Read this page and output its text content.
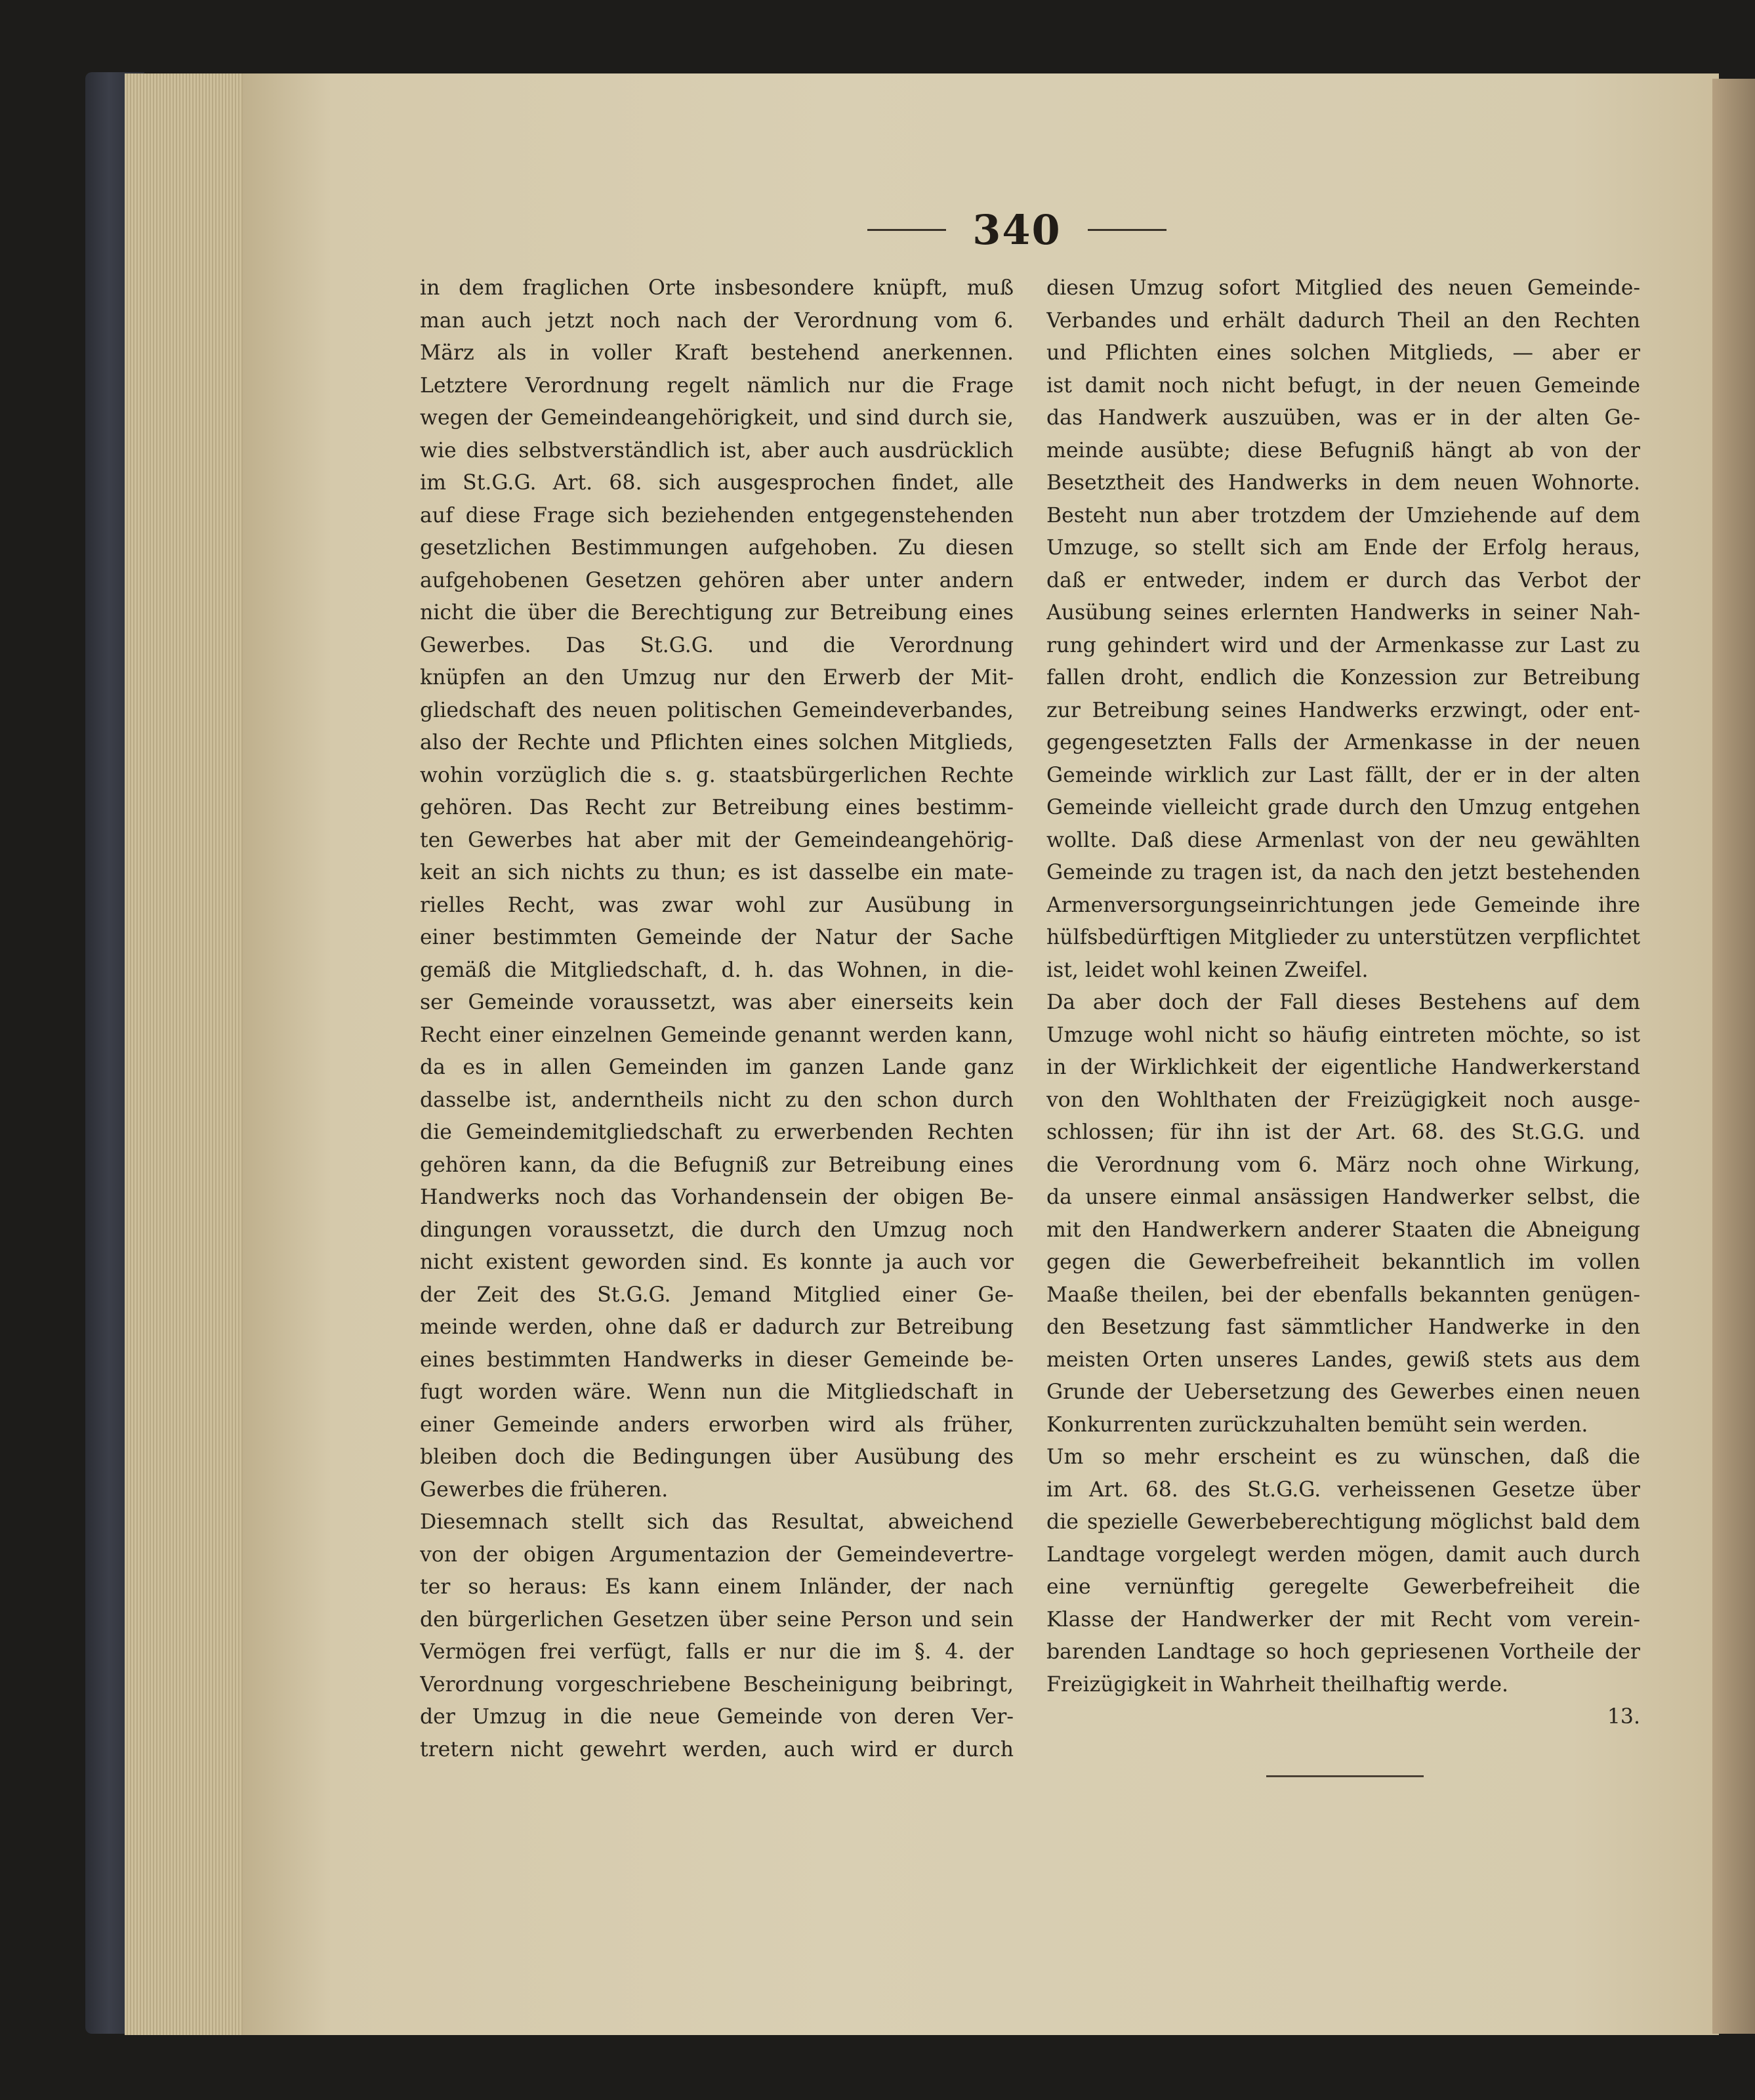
340
in dem fraglichen Orte insbesondere knüpft, muß
man auch jetzt noch nach der Verordnung vom 6.
März als in voller Kraft bestehend anerkennen.
Letztere Verordnung regelt nämlich nur die Frage
wegen der Gemeindeangehörigkeit, und sind durch sie,
wie dies selbstverständlich ist, aber auch ausdrücklich
im St.G.G. Art. 68. sich ausgesprochen findet, alle
auf diese Frage sich beziehenden entgegenstehenden
gesetzlichen Bestimmungen aufgehoben. Zu diesen
aufgehobenen Gesetzen gehören aber unter andern
nicht die über die Berechtigung zur Betreibung eines
Gewerbes. Das St.G.G. und die Verordnung
knüpfen an den Umzug nur den Erwerb der Mit-
gliedschaft des neuen politischen Gemeindeverbandes,
also der Rechte und Pflichten eines solchen Mitglieds,
wohin vorzüglich die s. g. staatsbürgerlichen Rechte
gehören. Das Recht zur Betreibung eines bestimm-
ten Gewerbes hat aber mit der Gemeindeangehörig-
keit an sich nichts zu thun; es ist dasselbe ein mate-
rielles Recht, was zwar wohl zur Ausübung in
einer bestimmten Gemeinde der Natur der Sache
gemäß die Mitgliedschaft, d. h. das Wohnen, in die-
ser Gemeinde voraussetzt, was aber einerseits kein
Recht einer einzelnen Gemeinde genannt werden kann,
da es in allen Gemeinden im ganzen Lande ganz
dasselbe ist, anderntheils nicht zu den schon durch
die Gemeindemitgliedschaft zu erwerbenden Rechten
gehören kann, da die Befugniß zur Betreibung eines
Handwerks noch das Vorhandensein der obigen Be-
dingungen voraussetzt, die durch den Umzug noch
nicht existent geworden sind. Es konnte ja auch vor
der Zeit des St.G.G. Jemand Mitglied einer Ge-
meinde werden, ohne daß er dadurch zur Betreibung
eines bestimmten Handwerks in dieser Gemeinde be-
fugt worden wäre. Wenn nun die Mitgliedschaft in
einer Gemeinde anders erworben wird als früher,
bleiben doch die Bedingungen über Ausübung des
Gewerbes die früheren.
Diesemnach stellt sich das Resultat, abweichend
von der obigen Argumentazion der Gemeindevertre-
ter so heraus: Es kann einem Inländer, der nach
den bürgerlichen Gesetzen über seine Person und sein
Vermögen frei verfügt, falls er nur die im §. 4. der
Verordnung vorgeschriebene Bescheinigung beibringt,
der Umzug in die neue Gemeinde von deren Ver-
tretern nicht gewehrt werden, auch wird er durch
diesen Umzug sofort Mitglied des neuen Gemeinde-
Verbandes und erhält dadurch Theil an den Rechten
und Pflichten eines solchen Mitglieds, — aber er
ist damit noch nicht befugt, in der neuen Gemeinde
das Handwerk auszuüben, was er in der alten Ge-
meinde ausübte; diese Befugniß hängt ab von der
Besetztheit des Handwerks in dem neuen Wohnorte.
Besteht nun aber trotzdem der Umziehende auf dem
Umzuge, so stellt sich am Ende der Erfolg heraus,
daß er entweder, indem er durch das Verbot der
Ausübung seines erlernten Handwerks in seiner Nah-
rung gehindert wird und der Armenkasse zur Last zu
fallen droht, endlich die Konzession zur Betreibung
zur Betreibung seines Handwerks erzwingt, oder ent-
gegengesetzten Falls der Armenkasse in der neuen
Gemeinde wirklich zur Last fällt, der er in der alten
Gemeinde vielleicht grade durch den Umzug entgehen
wollte. Daß diese Armenlast von der neu gewählten
Gemeinde zu tragen ist, da nach den jetzt bestehenden
Armenversorgungseinrichtungen jede Gemeinde ihre
hülfsbedürftigen Mitglieder zu unterstützen verpflichtet
ist, leidet wohl keinen Zweifel.
Da aber doch der Fall dieses Bestehens auf dem
Umzuge wohl nicht so häufig eintreten möchte, so ist
in der Wirklichkeit der eigentliche Handwerkerstand
von den Wohlthaten der Freizügigkeit noch ausge-
schlossen; für ihn ist der Art. 68. des St.G.G. und
die Verordnung vom 6. März noch ohne Wirkung,
da unsere einmal ansässigen Handwerker selbst, die
mit den Handwerkern anderer Staaten die Abneigung
gegen die Gewerbefreiheit bekanntlich im vollen
Maaße theilen, bei der ebenfalls bekannten genügen-
den Besetzung fast sämmtlicher Handwerke in den
meisten Orten unseres Landes, gewiß stets aus dem
Grunde der Uebersetzung des Gewerbes einen neuen
Konkurrenten zurückzuhalten bemüht sein werden.
Um so mehr erscheint es zu wünschen, daß die
im Art. 68. des St.G.G. verheissenen Gesetze über
die spezielle Gewerbeberechtigung möglichst bald dem
Landtage vorgelegt werden mögen, damit auch durch
eine vernünftig geregelte Gewerbefreiheit die
Klasse der Handwerker der mit Recht vom verein-
barenden Landtage so hoch gepriesenen Vortheile der
Freizügigkeit in Wahrheit theilhaftig werde.
13.
